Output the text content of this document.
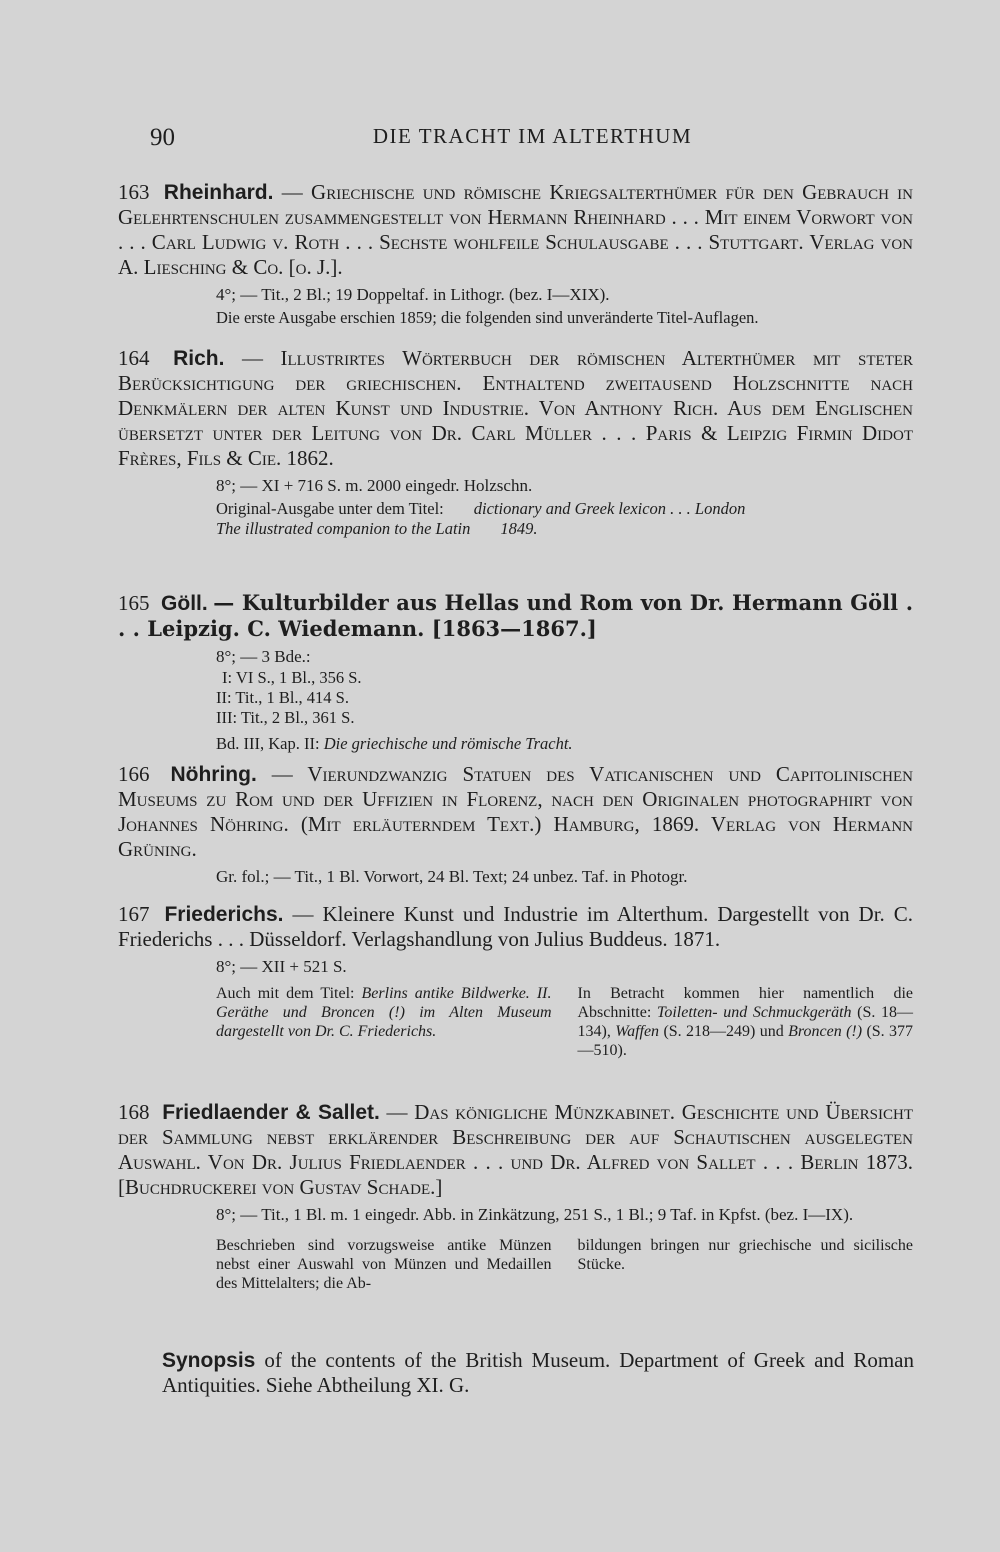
90	DIE TRACHT IM ALTERTHUM
163 Rheinhard. — Griechische und römische Kriegsalterthümer für den Gebrauch in Gelehrtenschulen zusammengestellt von Hermann Rheinhard . . . Mit einem Vorwort von . . . Carl Ludwig v. Roth . . . Sechste wohlfeile Schulausgabe . . . Stuttgart. Verlag von A. Liesching & Co. [o. J.].
4°; — Tit., 2 Bl.; 19 Doppeltaf. in Lithogr. (bez. I—XIX).
Die erste Ausgabe erschien 1859; die folgenden sind unveränderte Titel-Auflagen.
164 Rich. — Illustrirtes Wörterbuch der römischen Alterthümer mit steter Berücksichtigung der griechischen. Enthaltend zweitausend Holzschnitte nach Denkmälern der alten Kunst und Industrie. Von Anthony Rich. Aus dem Englischen übersetzt unter der Leitung von Dr. Carl Müller . . . Paris & Leipzig Firmin Didot Frères, Fils & Cie. 1862.
8°; — XI + 716 S. m. 2000 eingedr. Holzschn.
Original-Ausgabe unter dem Titel: dictionary and Greek lexicon . . . London
The illustrated companion to the Latin 1849.
165 Göll. — Kulturbilder aus Hellas und Rom von Dr. Hermann Göll . . . Leipzig. C. Wiedemann. [1863—1867.]
8°; — 3 Bde.:
I: VI S., 1 Bl., 356 S.
II: Tit., 1 Bl., 414 S.
III: Tit., 2 Bl., 361 S.
Bd. III, Kap. II: Die griechische und römische Tracht.
166 Nöhring. — Vierundzwanzig Statuen des Vaticanischen und Capitolinischen Museums zu Rom und der Uffizien in Florenz, nach den Originalen photographirt von Johannes Nöhring. (Mit erläuterndem Text.) Hamburg, 1869. Verlag von Hermann Grüning.
Gr. fol.; — Tit., 1 Bl. Vorwort, 24 Bl. Text; 24 unbez. Taf. in Photogr.
167 Friederichs. — Kleinere Kunst und Industrie im Alterthum. Dargestellt von Dr. C. Friederichs . . . Düsseldorf. Verlagshandlung von Julius Buddeus. 1871.
8°; — XII + 521 S.
Auch mit dem Titel: Berlins antike Bildwerke. II. Geräthe und Broncen (!) im Alten Museum dargestellt von Dr. C. Friederichs.
In Betracht kommen hier namentlich die Abschnitte: Toiletten- und Schmuckgeräth (S. 18—134), Waffen (S. 218—249) und Broncen (!) (S. 377—510).
168 Friedlaender & Sallet. — Das königliche Münzkabinet. Geschichte und Übersicht der Sammlung nebst erklärender Beschreibung der auf Schautischen ausgelegten Auswahl. Von Dr. Julius Friedlaender . . . und Dr. Alfred von Sallet . . . Berlin 1873. [Buchdruckerei von Gustav Schade.]
8°; — Tit., 1 Bl. m. 1 eingedr. Abb. in Zinkätzung, 251 S., 1 Bl.; 9 Taf. in Kpfst. (bez. I—IX).
Beschrieben sind vorzugsweise antike Münzen nebst einer Auswahl von Münzen und Medaillen des Mittelalters; die Ab-
bildungen bringen nur griechische und sicilische Stücke.
Synopsis of the contents of the British Museum. Department of Greek and Roman Antiquities. Siehe Abtheilung XI. G.
